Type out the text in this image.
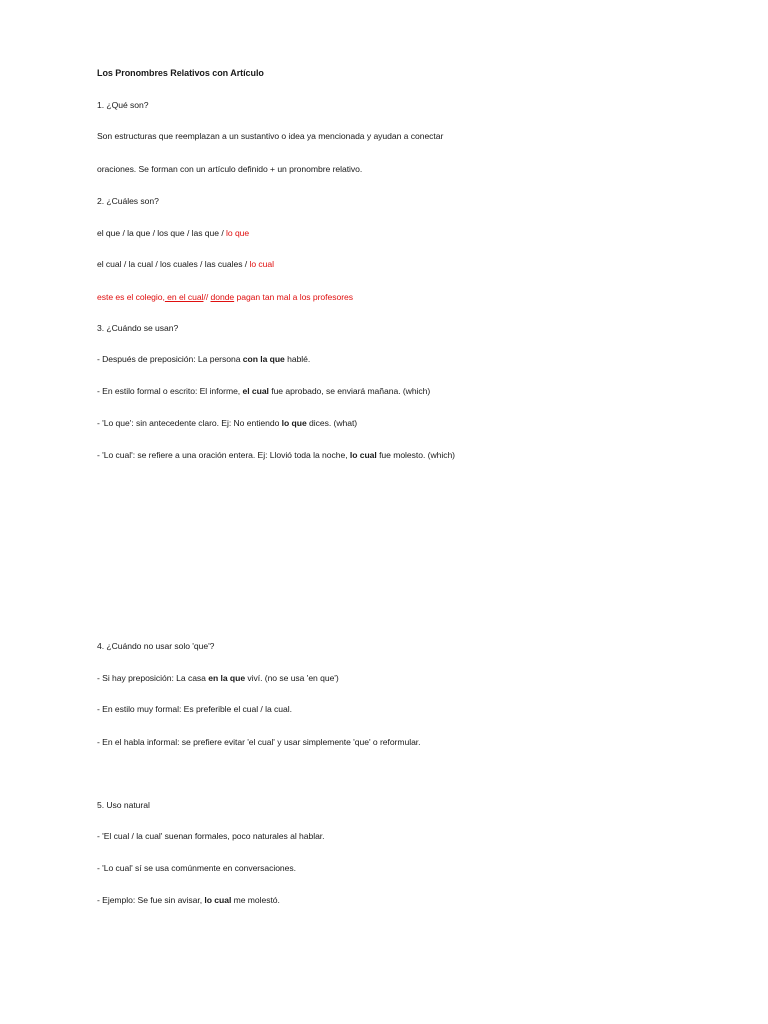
Los Pronombres Relativos con Artículo
1. ¿Qué son?
Son estructuras que reemplazan a un sustantivo o idea ya mencionada y ayudan a conectar
oraciones. Se forman con un artículo definido + un pronombre relativo.
2. ¿Cuáles son?
el que / la que / los que / las que / lo que
el cual / la cual / los cuales / las cuales / lo cual
este es el colegio, en el cual// donde pagan tan mal a los profesores
3. ¿Cuándo se usan?
- Después de preposición: La persona con la que hablé.
- En estilo formal o escrito: El informe, el cual fue aprobado, se enviará mañana. (which)
- 'Lo que': sin antecedente claro. Ej: No entiendo lo que dices. (what)
- 'Lo cual': se refiere a una oración entera. Ej: Llovió toda la noche, lo cual fue molesto. (which)
4. ¿Cuándo no usar solo 'que'?
- Si hay preposición: La casa en la que viví. (no se usa 'en que')
- En estilo muy formal: Es preferible el cual / la cual.
- En el habla informal: se prefiere evitar 'el cual' y usar simplemente 'que' o reformular.
5. Uso natural
- 'El cual / la cual' suenan formales, poco naturales al hablar.
- 'Lo cual' sí se usa comúnmente en conversaciones.
- Ejemplo: Se fue sin avisar, lo cual me molestó.
